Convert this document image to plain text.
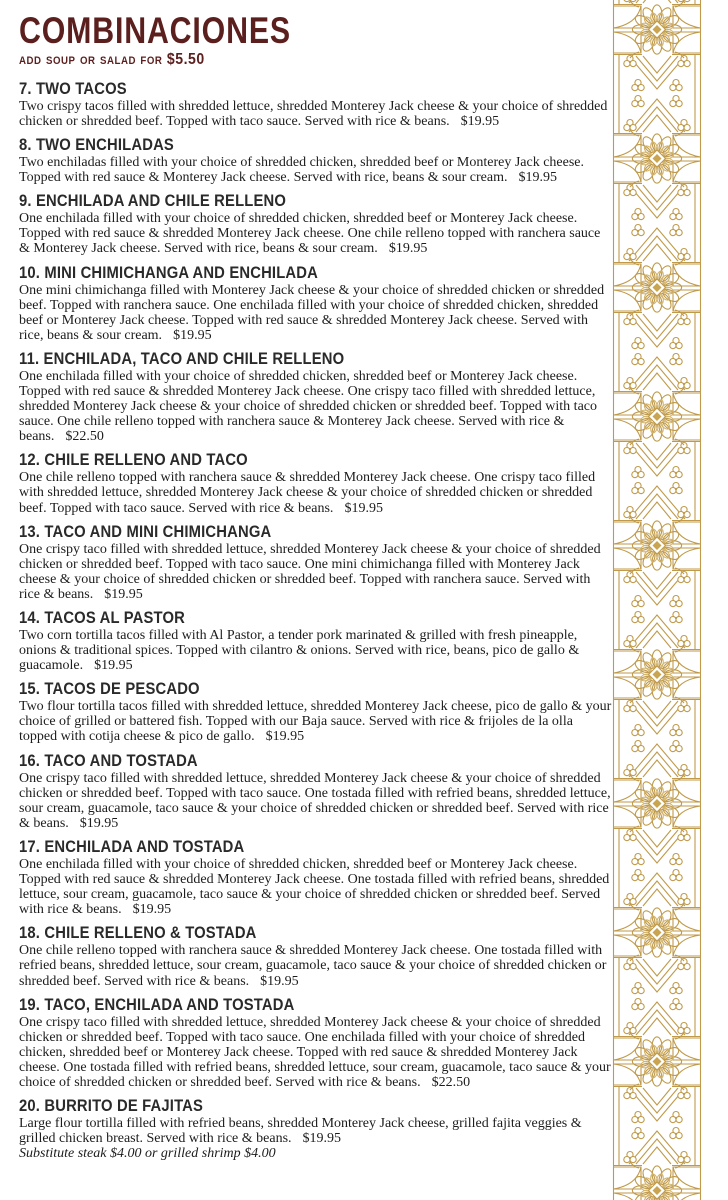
COMBINACIONES
add soup or salad for $5.50
7. TWO TACOS

Two crispy tacos filled with shredded lettuce, shredded Monterey Jack cheese & your choice of shredded chicken or shredded beef. Topped with taco sauce. Served with rice & beans. $19.95

8. TWO ENCHILADAS

Two enchiladas filled with your choice of shredded chicken, shredded beef or Monterey Jack cheese. Topped with red sauce & Monterey Jack cheese. Served with rice, beans & sour cream. $19.95

9. ENCHILADA AND CHILE RELLENO

One enchilada filled with your choice of shredded chicken, shredded beef or Monterey Jack cheese. Topped with red sauce & shredded Monterey Jack cheese. One chile relleno topped with ranchera sauce & Monterey Jack cheese. Served with rice, beans & sour cream. $19.95

10. MINI CHIMICHANGA AND ENCHILADA

One mini chimichanga filled with Monterey Jack cheese & your choice of shredded chicken or shredded beef. Topped with ranchera sauce. One enchilada filled with your choice of shredded chicken, shredded beef or Monterey Jack cheese. Topped with red sauce & shredded Monterey Jack cheese. Served with rice, beans & sour cream. $19.95

11. ENCHILADA, TACO AND CHILE RELLENO

One enchilada filled with your choice of shredded chicken, shredded beef or Monterey Jack cheese. Topped with red sauce & shredded Monterey Jack cheese. One crispy taco filled with shredded lettuce, shredded Monterey Jack cheese & your choice of shredded chicken or shredded beef. Topped with taco sauce. One chile relleno topped with ranchera sauce & Monterey Jack cheese. Served with rice & beans. $22.50

12. CHILE RELLENO AND TACO

One chile relleno topped with ranchera sauce & shredded Monterey Jack cheese. One crispy taco filled with shredded lettuce, shredded Monterey Jack cheese & your choice of shredded chicken or shredded beef. Topped with taco sauce. Served with rice & beans. $19.95

13. TACO AND MINI CHIMICHANGA

One crispy taco filled with shredded lettuce, shredded Monterey Jack cheese & your choice of shredded chicken or shredded beef. Topped with taco sauce. One mini chimichanga filled with Monterey Jack cheese & your choice of shredded chicken or shredded beef. Topped with ranchera sauce. Served with rice & beans. $19.95

14. TACOS AL PASTOR

Two corn tortilla tacos filled with Al Pastor, a tender pork marinated & grilled with fresh pineapple, onions & traditional spices. Topped with cilantro & onions. Served with rice, beans, pico de gallo & guacamole. $19.95

15. TACOS DE PESCADO

Two flour tortilla tacos filled with shredded lettuce, shredded Monterey Jack cheese, pico de gallo & your choice of grilled or battered fish. Topped with our Baja sauce. Served with rice & frijoles de la olla topped with cotija cheese & pico de gallo. $19.95

16. TACO AND TOSTADA

One crispy taco filled with shredded lettuce, shredded Monterey Jack cheese & your choice of shredded chicken or shredded beef. Topped with taco sauce. One tostada filled with refried beans, shredded lettuce, sour cream, guacamole, taco sauce & your choice of shredded chicken or shredded beef. Served with rice & beans. $19.95

17. ENCHILADA AND TOSTADA

One enchilada filled with your choice of shredded chicken, shredded beef or Monterey Jack cheese. Topped with red sauce & shredded Monterey Jack cheese. One tostada filled with refried beans, shredded lettuce, sour cream, guacamole, taco sauce & your choice of shredded chicken or shredded beef. Served with rice & beans. $19.95

18. CHILE RELLENO & TOSTADA

One chile relleno topped with ranchera sauce & shredded Monterey Jack cheese. One tostada filled with refried beans, shredded lettuce, sour cream, guacamole, taco sauce & your choice of shredded chicken or shredded beef. Served with rice & beans. $19.95

19. TACO, ENCHILADA AND TOSTADA

One crispy taco filled with shredded lettuce, shredded Monterey Jack cheese & your choice of shredded chicken or shredded beef. Topped with taco sauce. One enchilada filled with your choice of shredded chicken, shredded beef or Monterey Jack cheese. Topped with red sauce & shredded Monterey Jack cheese. One tostada filled with refried beans, shredded lettuce, sour cream, guacamole, taco sauce & your choice of shredded chicken or shredded beef. Served with rice & beans. $22.50

20. BURRITO DE FAJITAS

Large flour tortilla filled with refried beans, shredded Monterey Jack cheese, grilled fajita veggies & grilled chicken breast. Served with rice & beans. $19.95

Substitute steak $4.00 or grilled shrimp $4.00
